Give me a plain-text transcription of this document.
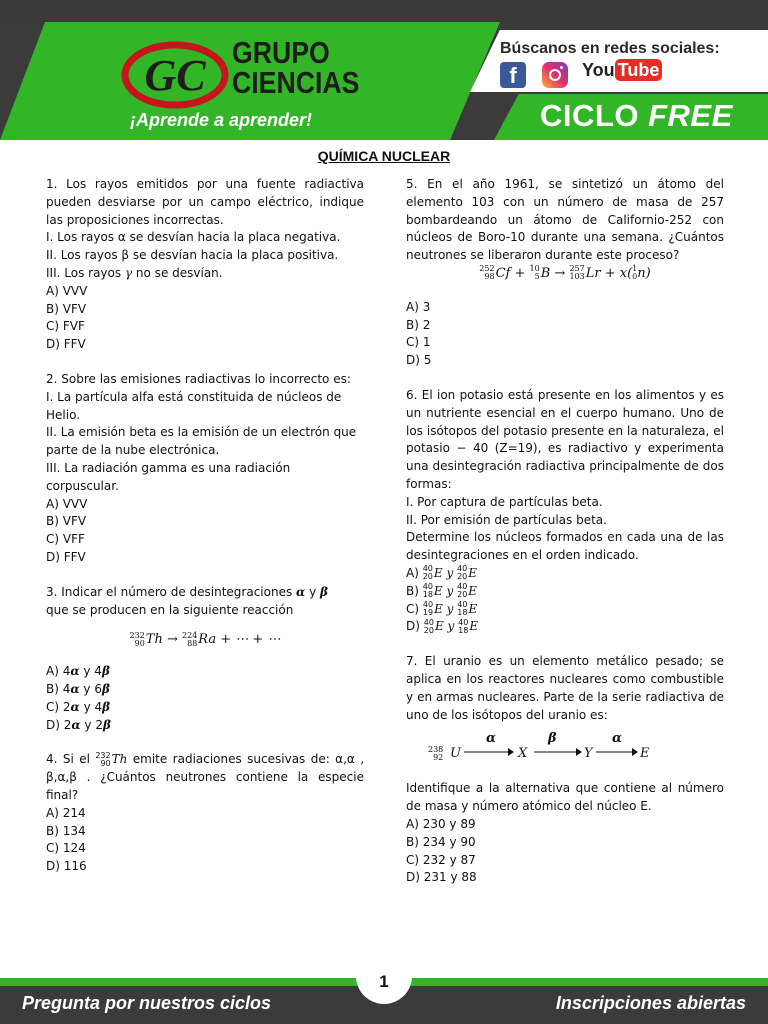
GC GRUPO
CIENCIAS
¡Aprende a aprender!
Búscanos en redes sociales:
f	You Tube
CICLO FREE
QUÍMICA NUCLEAR
1. Los rayos emitidos por una fuente radiactiva pueden desviarse por un campo eléctrico, indique las proposiciones incorrectas.
I. Los rayos α se desvían hacia la placa negativa.
II. Los rayos β se desvían hacia la placa positiva.
III. Los rayos γ no se desvían.
A) VVV
B) VFV
C) FVF
D) FFV
2. Sobre las emisiones radiactivas lo incorrecto es:
I. La partícula alfa está constituida de núcleos de Helio.
II. La emisión beta es la emisión de un electrón que parte de la nube electrónica.
III. La radiación gamma es una radiación corpuscular.
A) VVV
B) VFV
C) VFF
D) FFV
3. Indicar el número de desintegraciones α y β
que se producen en la siguiente reacción
232
90 Th → 224
88 Ra + ⋯ + ⋯
A) 4α y 4β
B) 4α y 6β
C) 2α y 4β
D) 2α y 2β
4. Si el 232
90 Th emite radiaciones sucesivas de: α,α , β,α,β . ¿Cuántos neutrones contiene la especie final?
A) 214
B) 134
C) 124
D) 116
5. En el año 1961, se sintetizó un átomo del elemento 103 con un número de masa de 257 bombardeando un átomo de Californio-252 con núcleos de Boro-10 durante una semana. ¿Cuántos neutrones se liberaron durante este proceso?
252
98 Cf + 10
5 B → 257
103 Lr + x( 1
0 n)
A) 3
B) 2
C) 1
D) 5
6. El ion potasio está presente en los alimentos y es un nutriente esencial en el cuerpo humano. Uno de los isótopos del potasio presente en la naturaleza, el potasio − 40 (Z=19), es radiactivo y experimenta una desintegración radiactiva principalmente de dos formas:
I. Por captura de partículas beta.
II. Por emisión de partículas beta.
Determine los núcleos formados en cada una de las desintegraciones en el orden indicado.
A) 40
20 E y 40
20 E
B) 40
18 E y 40
20 E
C) 40
19 E y 40
18 E
D) 40
20 E y 40
18 E
7. El uranio es un elemento metálico pesado; se aplica en los reactores nucleares como combustible y en armas nucleares. Parte de la serie radiactiva de uno de los isótopos del uranio es:
238
92 U
α
X
β
Y
α
E
Identifique a la alternativa que contiene al número de masa y número atómico del núcleo E.
A) 230 y 89
B) 234 y 90
C) 232 y 87
D) 231 y 88
1
Pregunta por nuestros ciclos	Inscripciones abiertas
